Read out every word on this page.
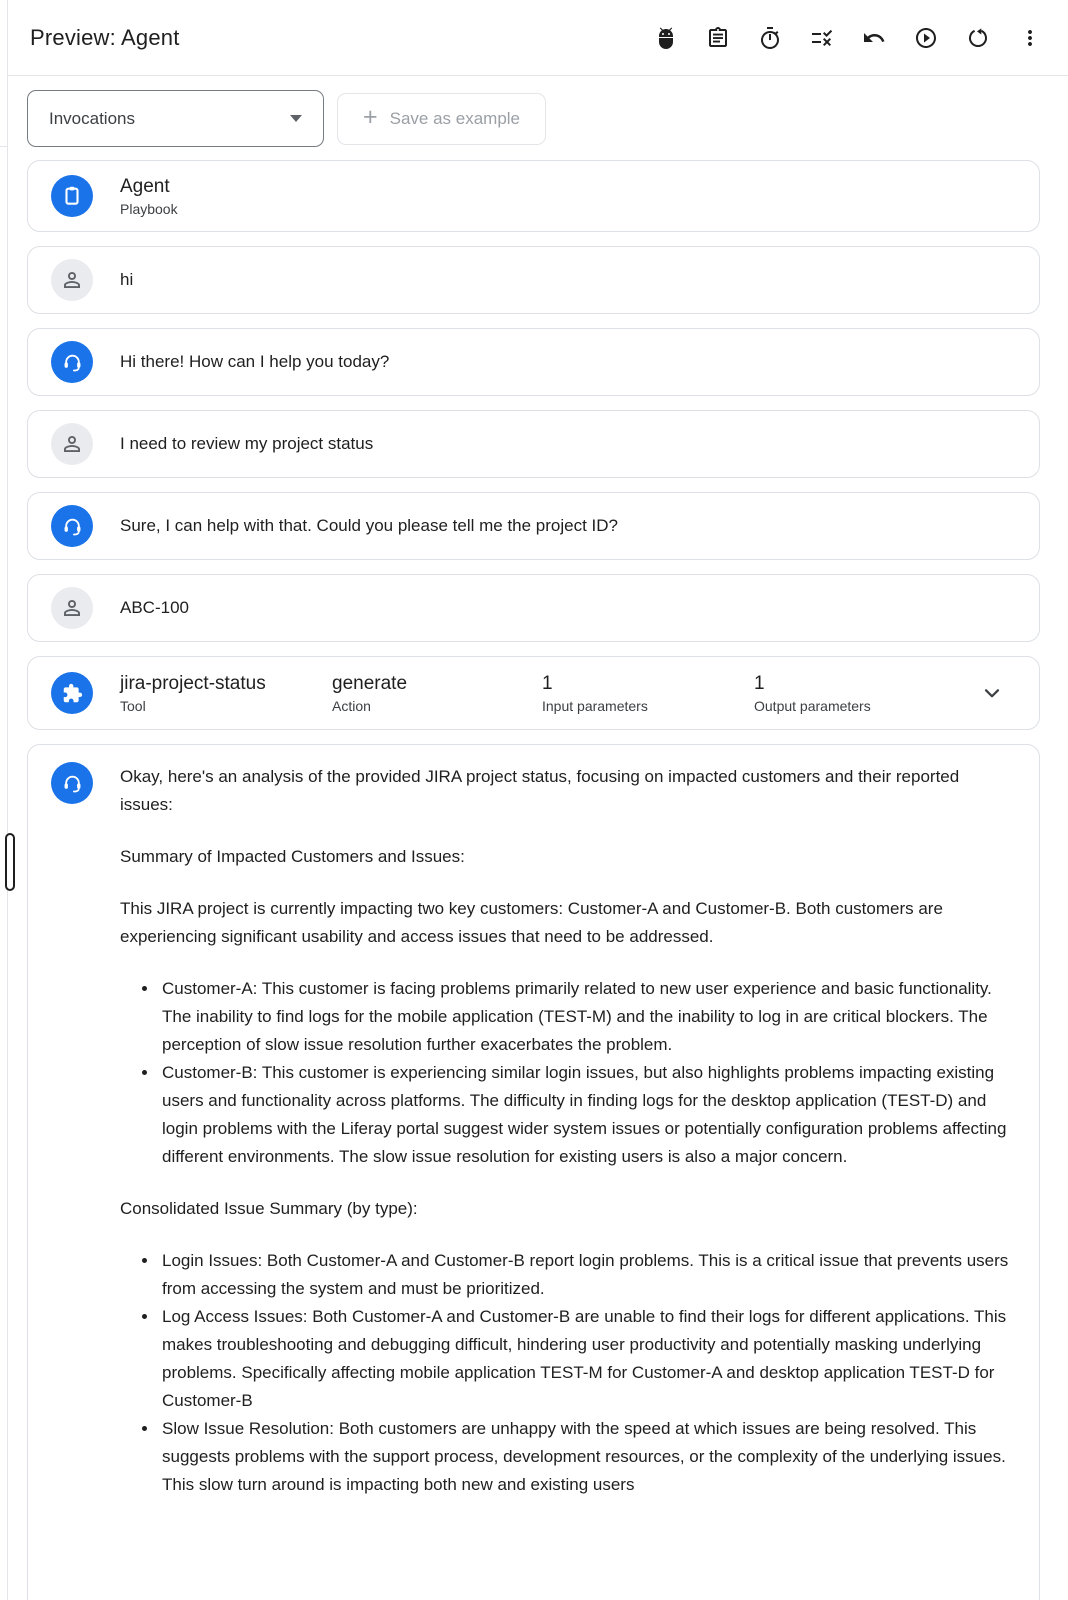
Preview: Agent
Invocations	+ Save as example
Agent
Playbook
hi
Hi there! How can I help you today?
I need to review my project status
Sure, I can help with that. Could you please tell me the project ID?
ABC-100
jira-project-status
Tool
generate
Action
1
Input parameters
1
Output parameters

Okay, here's an analysis of the provided JIRA project status, focusing on impacted customers and their reported issues:

Summary of Impacted Customers and Issues:

This JIRA project is currently impacting two key customers: Customer-A and Customer-B. Both customers are experiencing significant usability and access issues that need to be addressed.

• Customer-A: This customer is facing problems primarily related to new user experience and basic functionality. The inability to find logs for the mobile application (TEST-M) and the inability to log in are critical blockers. The perception of slow issue resolution further exacerbates the problem.
• Customer-B: This customer is experiencing similar login issues, but also highlights problems impacting existing users and functionality across platforms. The difficulty in finding logs for the desktop application (TEST-D) and login problems with the Liferay portal suggest wider system issues or potentially configuration problems affecting different environments. The slow issue resolution for existing users is also a major concern.

Consolidated Issue Summary (by type):

• Login Issues: Both Customer-A and Customer-B report login problems. This is a critical issue that prevents users from accessing the system and must be prioritized.
• Log Access Issues: Both Customer-A and Customer-B are unable to find their logs for different applications. This makes troubleshooting and debugging difficult, hindering user productivity and potentially masking underlying problems. Specifically affecting mobile application TEST-M for Customer-A and desktop application TEST-D for Customer-B
• Slow Issue Resolution: Both customers are unhappy with the speed at which issues are being resolved. This suggests problems with the support process, development resources, or the complexity of the underlying issues. This slow turn around is impacting both new and existing users
